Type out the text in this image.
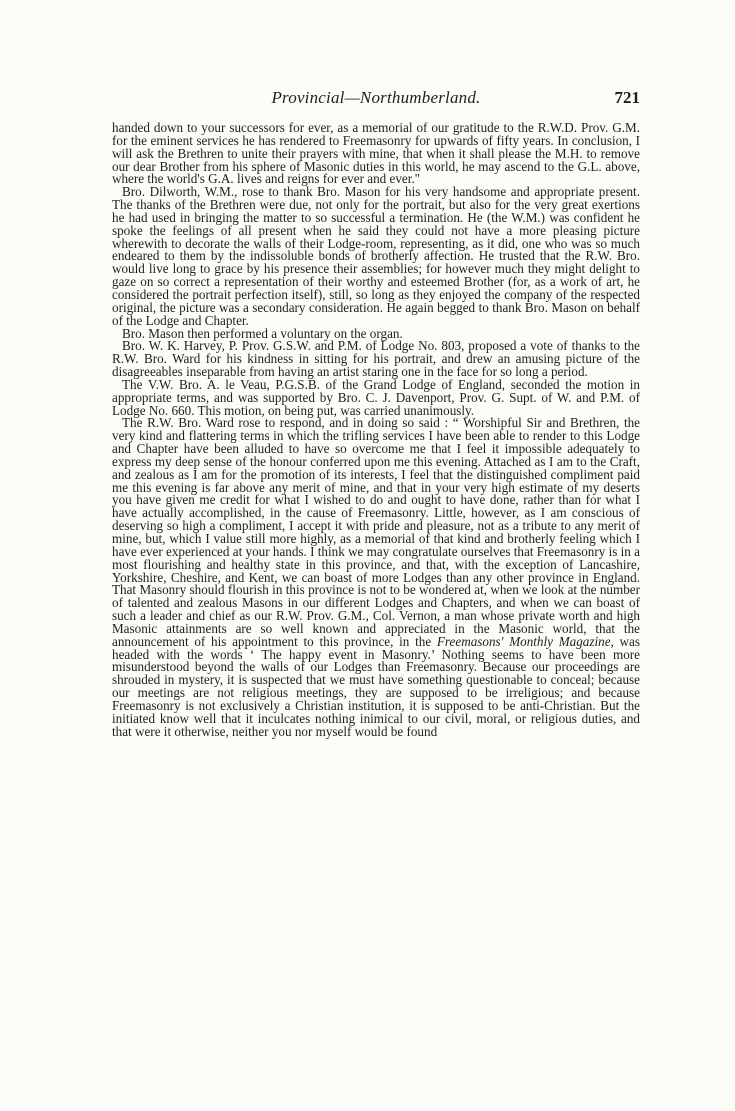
Provincial—Northumberland.	721

handed down to your successors for ever, as a memorial of our gratitude to the R.W.D. Prov. G.M. for the eminent services he has rendered to Freemasonry for upwards of fifty years. In conclusion, I will ask the Brethren to unite their prayers with mine, that when it shall please the M.H. to remove our dear Brother from his sphere of Masonic duties in this world, he may ascend to the G.L. above, where the world's G.A. lives and reigns for ever and ever."

Bro. Dilworth, W.M., rose to thank Bro. Mason for his very handsome and appropriate present. The thanks of the Brethren were due, not only for the portrait, but also for the very great exertions he had used in bringing the matter to so successful a termination. He (the W.M.) was confident he spoke the feelings of all present when he said they could not have a more pleasing picture wherewith to decorate the walls of their Lodge-room, representing, as it did, one who was so much endeared to them by the indissoluble bonds of brotherly affection. He trusted that the R.W. Bro. would live long to grace by his presence their assemblies; for however much they might delight to gaze on so correct a representation of their worthy and esteemed Brother (for, as a work of art, he considered the portrait perfection itself), still, so long as they enjoyed the company of the respected original, the picture was a secondary consideration. He again begged to thank Bro. Mason on behalf of the Lodge and Chapter.

Bro. Mason then performed a voluntary on the organ.

Bro. W. K. Harvey, P. Prov. G.S.W. and P.M. of Lodge No. 803, proposed a vote of thanks to the R.W. Bro. Ward for his kindness in sitting for his portrait, and drew an amusing picture of the disagreeables inseparable from having an artist staring one in the face for so long a period.

The V.W. Bro. A. le Veau, P.G.S.B. of the Grand Lodge of England, seconded the motion in appropriate terms, and was supported by Bro. C. J. Davenport, Prov. G. Supt. of W. and P.M. of Lodge No. 660. This motion, on being put, was carried unanimously.

The R.W. Bro. Ward rose to respond, and in doing so said : “ Worshipful Sir and Brethren, the very kind and flattering terms in which the trifling services I have been able to render to this Lodge and Chapter have been alluded to have so overcome me that I feel it impossible adequately to express my deep sense of the honour conferred upon me this evening. Attached as I am to the Craft, and zealous as I am for the promotion of its interests, I feel that the distinguished compliment paid me this evening is far above any merit of mine, and that in your very high estimate of my deserts you have given me credit for what I wished to do and ought to have done, rather than for what I have actually accomplished, in the cause of Freemasonry. Little, however, as I am conscious of deserving so high a compliment, I accept it with pride and pleasure, not as a tribute to any merit of mine, but, which I value still more highly, as a memorial of that kind and brotherly feeling which I have ever experienced at your hands. I think we may congratulate ourselves that Freemasonry is in a most flourishing and healthy state in this province, and that, with the exception of Lancashire, Yorkshire, Cheshire, and Kent, we can boast of more Lodges than any other province in England. That Masonry should flourish in this province is not to be wondered at, when we look at the number of talented and zealous Masons in our different Lodges and Chapters, and when we can boast of such a leader and chief as our R.W. Prov. G.M., Col. Vernon, a man whose private worth and high Masonic attainments are so well known and appreciated in the Masonic world, that the announcement of his appointment to this province, in the Freemasons' Monthly Magazine, was headed with the words ‘ The happy event in Masonry.’ Nothing seems to have been more misunderstood beyond the walls of our Lodges than Freemasonry. Because our proceedings are shrouded in mystery, it is suspected that we must have something questionable to conceal; because our meetings are not religious meetings, they are supposed to be irreligious; and because Freemasonry is not exclusively a Christian institution, it is supposed to be anti-Christian. But the initiated know well that it inculcates nothing inimical to our civil, moral, or religious duties, and that were it otherwise, neither you nor myself would be found
